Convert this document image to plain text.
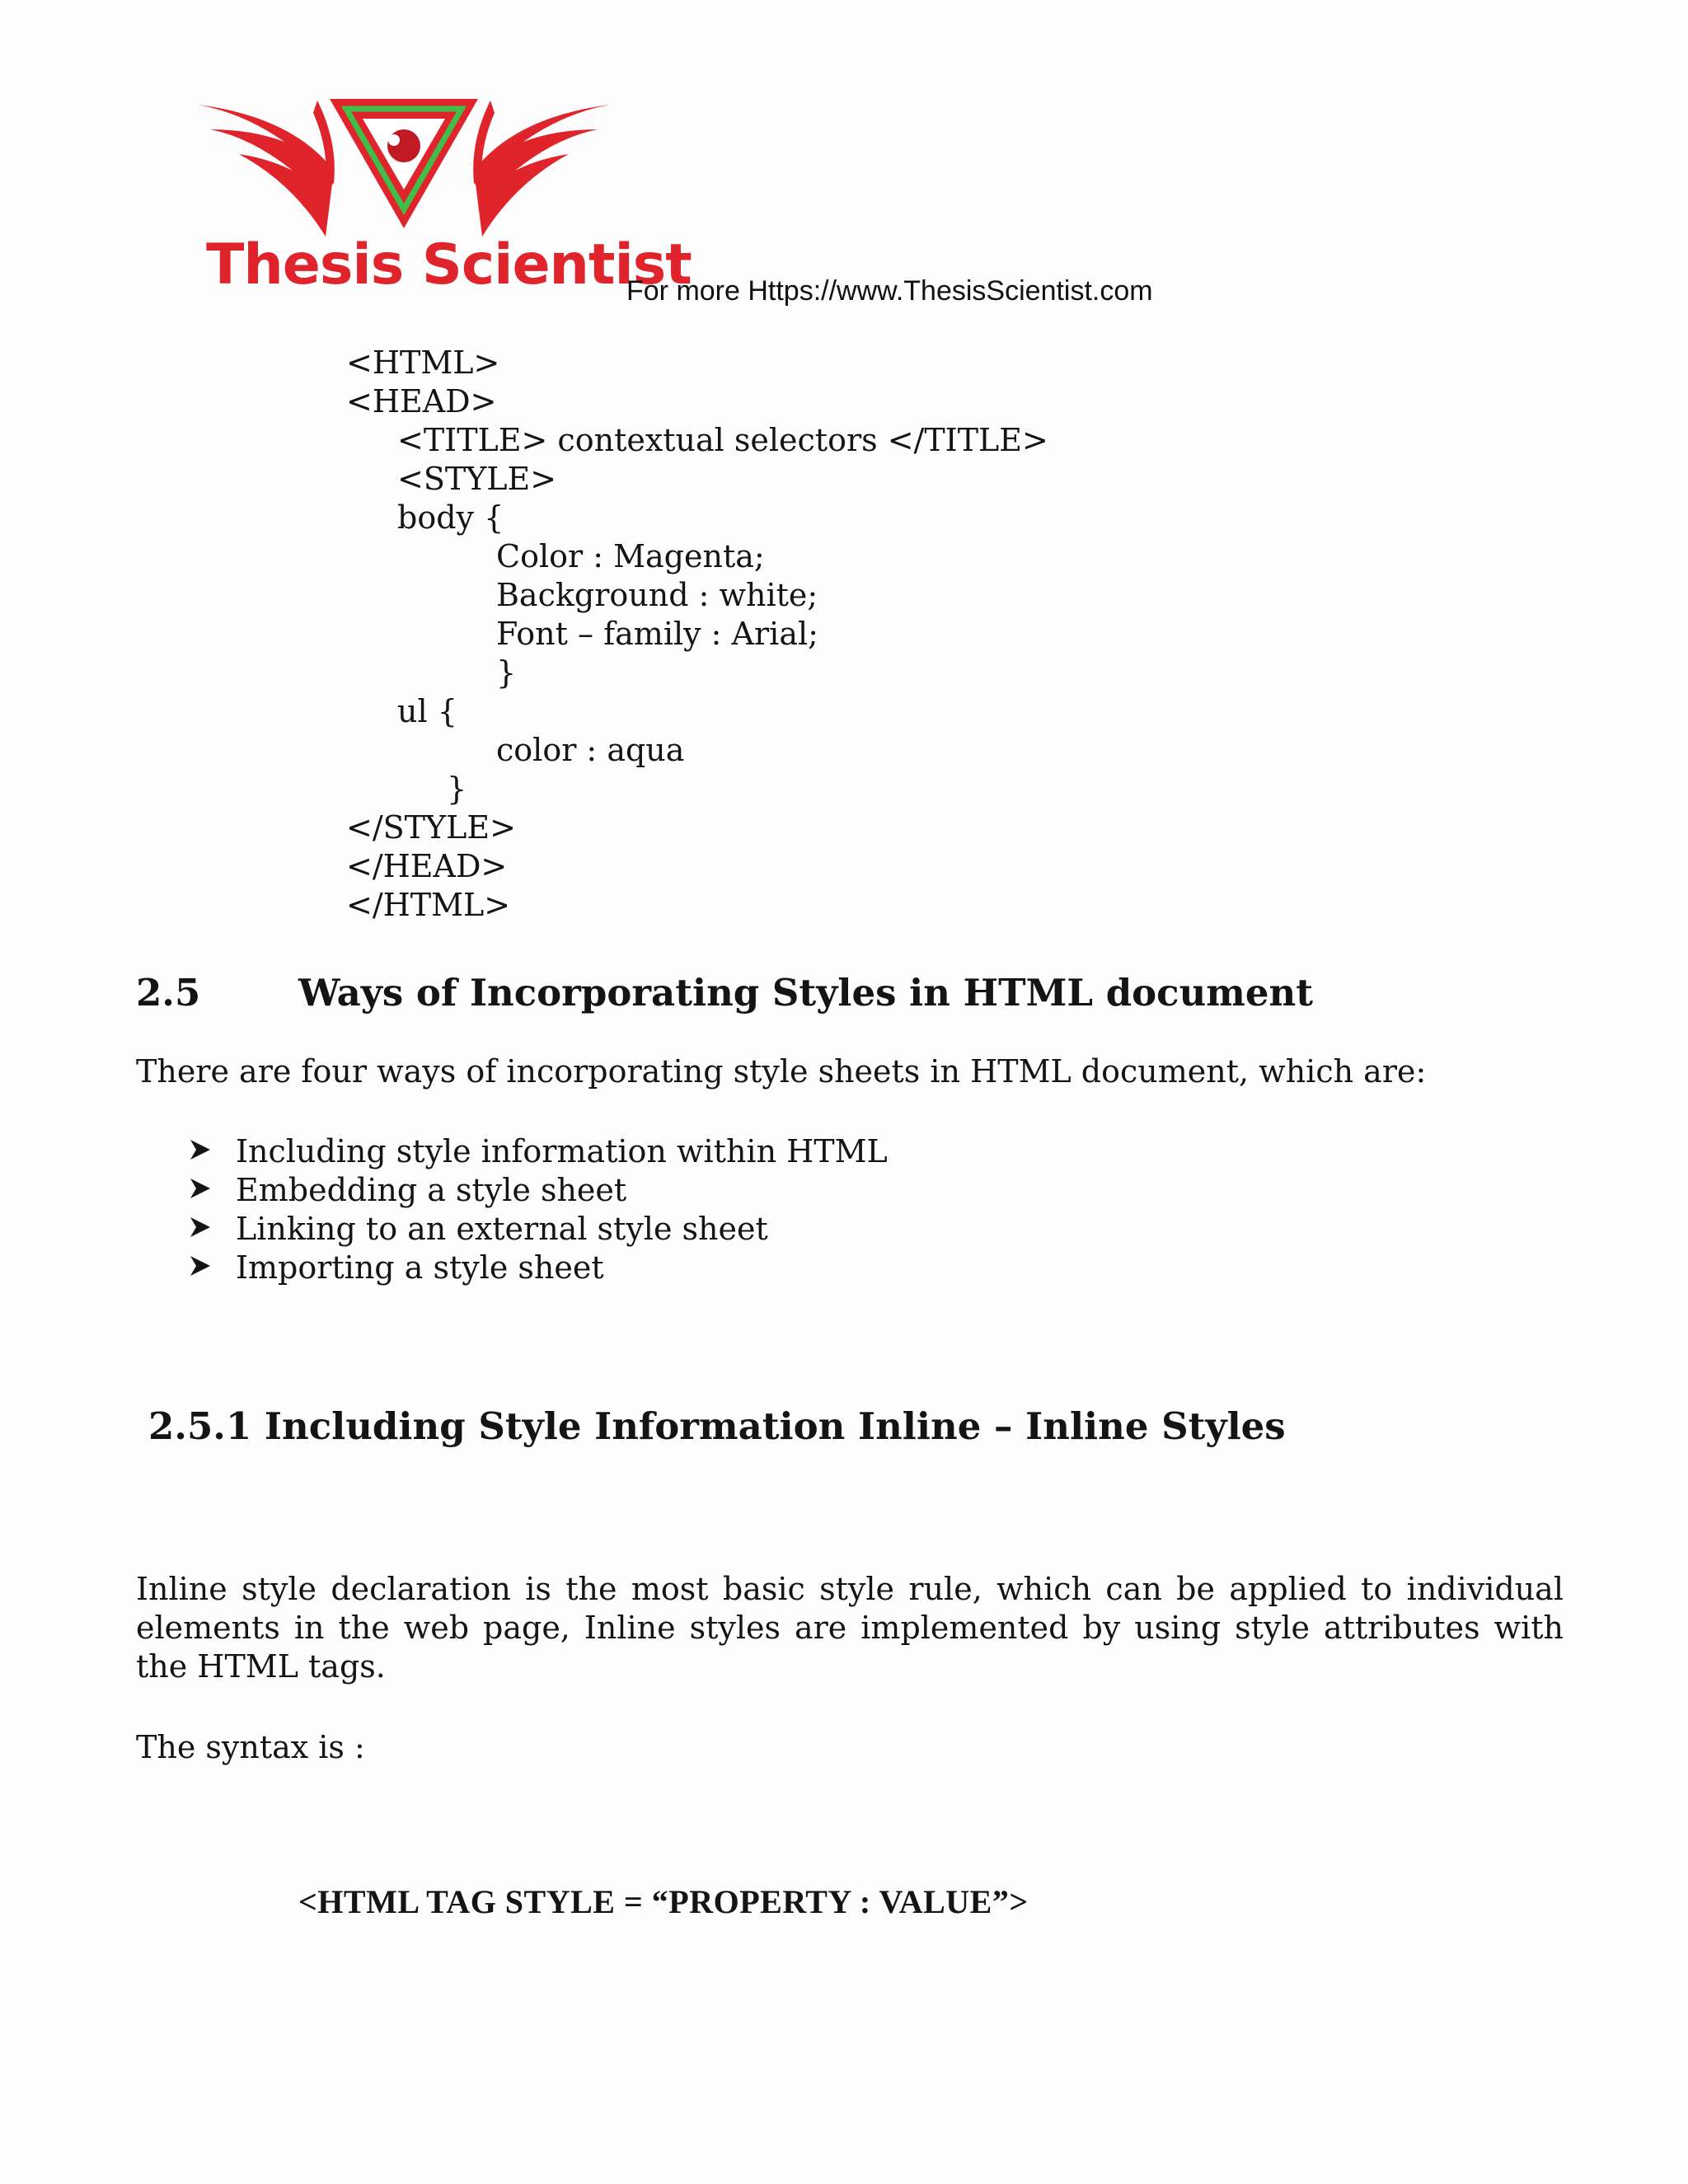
Thesis Scientist
For more Https://www.ThesisScientist.com
<HTML>
<HEAD>
<TITLE> contextual selectors </TITLE>
<STYLE>
body {
Color : Magenta;
Background : white;
Font – family : Arial;
}
ul {
color : aqua
}
</STYLE>
</HEAD>
</HTML>
2.5	Ways of Incorporating Styles in HTML document
There are four ways of incorporating style sheets in HTML document, which are:
Including style information within HTML
Embedding a style sheet
Linking to an external style sheet
Importing a style sheet
2.5.1 Including Style Information Inline – Inline Styles
Inline style declaration is the most basic style rule, which can be applied to individual elements in the web page, Inline styles are implemented by using style attributes with the HTML tags.
The syntax is :
<HTML TAG STYLE = “PROPERTY : VALUE”>
